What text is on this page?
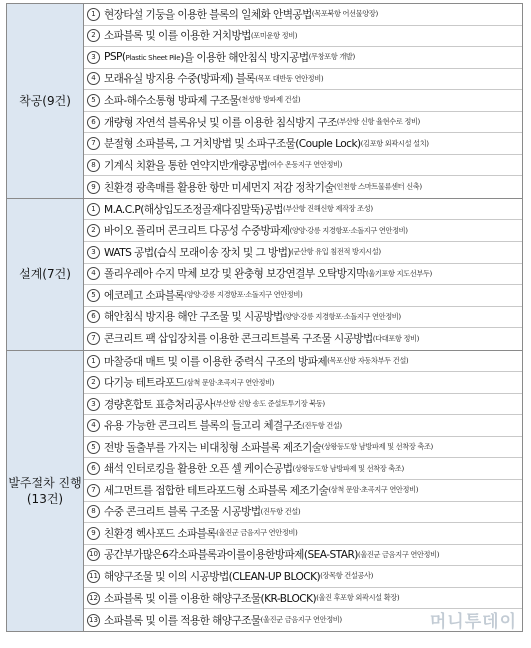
착공(9건)
1 현장타설 기둥을 이용한 블록의 일체화 안벽공법 (목포북항 어선물양장)
2 소파블록 및 이를 이용한 거치방법 (포미운항 정비)
3 PSP( Plastic Sheet Pile )을 이용한 해안침식 방지공법 (무창포항 개발)
4 모래유실 방지용 수중(방파제) 블록 (목포 대반동 연안정비)
5 소파-해수소통형 방파제 구조물 (천성항 방파제 건설)
6 개량형 자연석 블록유닛 및 이를 이용한 침식방지 구조 (부산항 신항 율현수로 정비)
7 분절형 소파블록, 그 거치방법 및 소파구조물(Couple Lock) (김포항 외곽시설 설치)
8 기계식 치환을 통한 연약지반개량공법 (여수 온동지구 연안정비)
9 친환경 광촉매를 활용한 항만 미세먼지 저감 정착기술 (인천항 스마트물류센터 신축)
설계(7건)
1 M.A.C.P(해상입도조정골재다짐말뚝)공법 (부산항 진해신항 제작장 조성)
2 바이오 폴리머 콘크리트 다공성 수중방파제 (양양·강릉 지경항포·소돌지구 연안정비)
3 WATS 공법(습식 모래이송 장치 및 그 방법) (군산항 유입 침전적 방지시설)
4 폴리우레아 수지 막체 보강 및 완충형 보강연결부 오탁방지막 (울기포항 지도선부두)
5 에코레고 소파블록 (양양·강릉 지경항포·소돌지구 연안정비)
6 해안침식 방지용 해안 구조물 및 시공방법 (양양·강릉 지경항포·소돌지구 연안정비)
7 콘크리트 팩 삽입장치를 이용한 콘크리트블록 구조물 시공방법 (다대포항 정비)
발주절차 진행
(13건)
1 마찰증대 매트 및 이를 이용한 중력식 구조의 방파제 (목포신항 자동차부두 건설)
2 다기능 테트라포드 (삼척 문암·초곡지구 연안정비)
3 경량혼합토 표층처리공사 (부산항 신항 송도 준설토투기장 북동)
4 유용 가능한 콘크리트 블록의 들고리 체결구조 (진두항 건설)
5 전방 돌출부를 가지는 비대칭형 소파블록 제조기술 (상왕등도항 남방파제 및 선착장 축조)
6 쇄석 인터로킹을 활용한 오픈 셀 케이슨공법 (상왕등도항 남방파제 및 선착장 축조)
7 세그먼트를 접합한 테트라포드형 소파블록 제조기술 (삼척 문암·초곡지구 연안정비)
8 수중 콘크리트 블록 구조물 시공방법 (진두항 건설)
9 친환경 헥사포드 소파블록 (울진군 금음지구 연안정비)
10 공간부가많은6각소파블록과이를이용한방파제(SEA-STAR) (울진군 금음지구 연안정비)
11 해양구조물 및 이의 시공방법(CLEAN-UP BLOCK) (장목항 건설공사)
12 소파블록 및 이를 이용한 해양구조물(KR-BLOCK) (울진 후포항 외곽시설 확장)
13 소파블록 및 이를 적용한 해양구조물 (울진군 금음지구 연안정비)	머니투데이
